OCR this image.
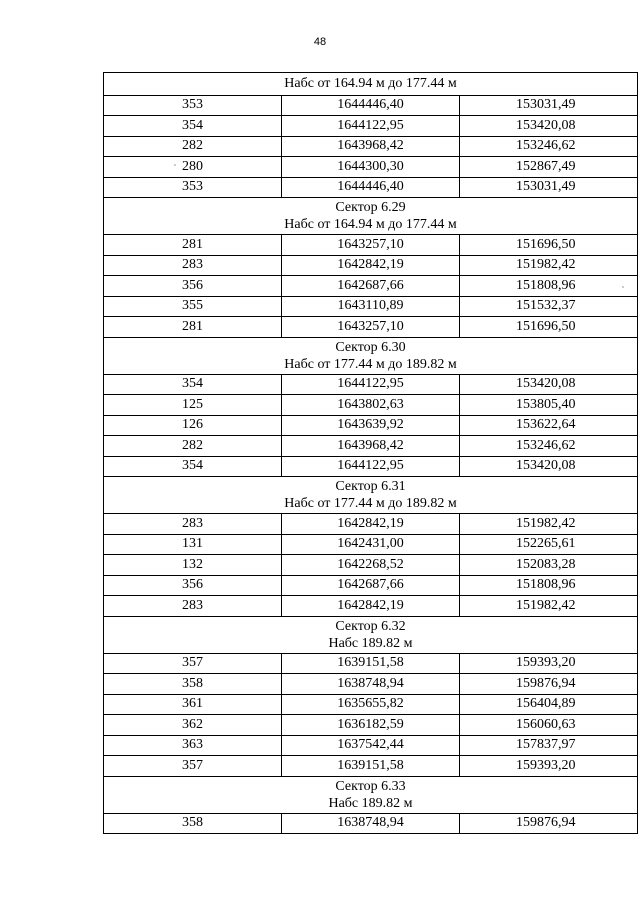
48
Набс от 164.94 м до 177.44 м		

353	1644446,40	153031,49
354	1644122,95	153420,08
282	1643968,42	153246,62
280	1644300,30	152867,49
353	1644446,40	153031,49

Сектор 6.29
Набс от 164.94 м до 177.44 м		

281	1643257,10	151696,50
283	1642842,19	151982,42
356	1642687,66	151808,96
355	1643110,89	151532,37
281	1643257,10	151696,50

Сектор 6.30
Набс от 177.44 м до 189.82 м		

354	1644122,95	153420,08
125	1643802,63	153805,40
126	1643639,92	153622,64
282	1643968,42	153246,62
354	1644122,95	153420,08

Сектор 6.31
Набс от 177.44 м до 189.82 м		

283	1642842,19	151982,42
131	1642431,00	152265,61
132	1642268,52	152083,28
356	1642687,66	151808,96
283	1642842,19	151982,42

Сектор 6.32
Набс 189.82 м		

357	1639151,58	159393,20
358	1638748,94	159876,94
361	1635655,82	156404,89
362	1636182,59	156060,63
363	1637542,44	157837,97
357	1639151,58	159393,20

Сектор 6.33
Набс 189.82 м		

358	1638748,94	159876,94
